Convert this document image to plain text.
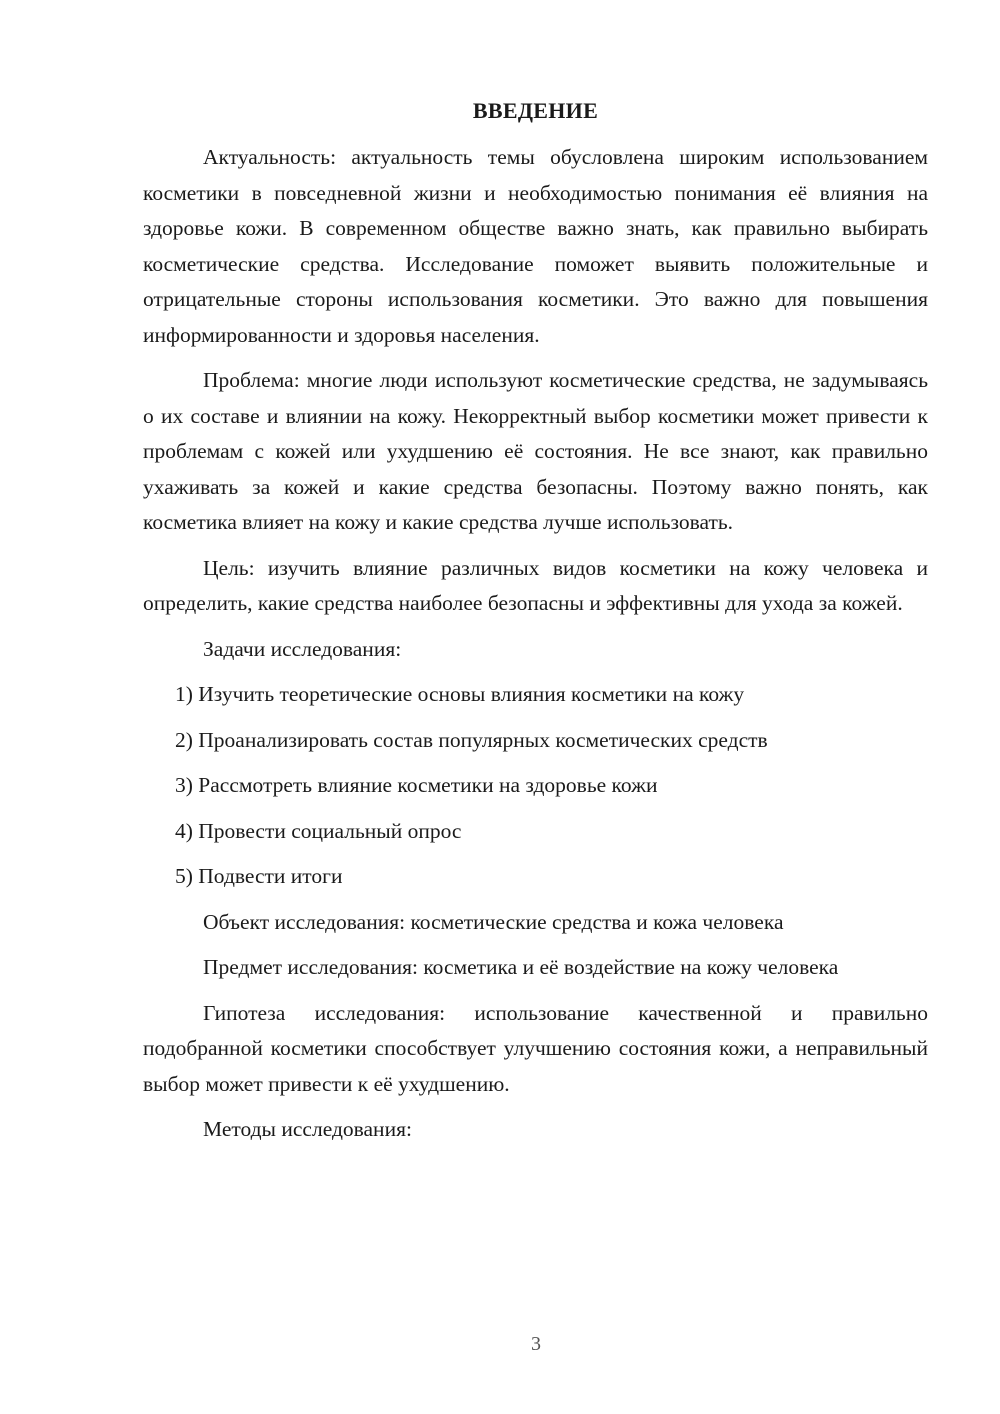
ВВЕДЕНИЕ

Актуальность: актуальность темы обусловлена широким использованием косметики в повседневной жизни и необходимостью понимания её влияния на здоровье кожи. В современном обществе важно знать, как правильно выбирать косметические средства. Исследование поможет выявить положительные и отрицательные стороны использования косметики. Это важно для повышения информированности и здоровья населения.

Проблема: многие люди используют косметические средства, не задумываясь о их составе и влиянии на кожу. Некорректный выбор косметики может привести к проблемам с кожей или ухудшению её состояния. Не все знают, как правильно ухаживать за кожей и какие средства безопасны. Поэтому важно понять, как косметика влияет на кожу и какие средства лучше использовать.

Цель: изучить влияние различных видов косметики на кожу человека и определить, какие средства наиболее безопасны и эффективны для ухода за кожей.

Задачи исследования:

1) Изучить теоретические основы влияния косметики на кожу

2) Проанализировать состав популярных косметических средств

3) Рассмотреть влияние косметики на здоровье кожи

4) Провести социальный опрос

5) Подвести итоги

Объект исследования: косметические средства и кожа человека

Предмет исследования: косметика и её воздействие на кожу человека

Гипотеза исследования: использование качественной и правильно подобранной косметики способствует улучшению состояния кожи, а неправильный выбор может привести к её ухудшению.

Методы исследования:

3
